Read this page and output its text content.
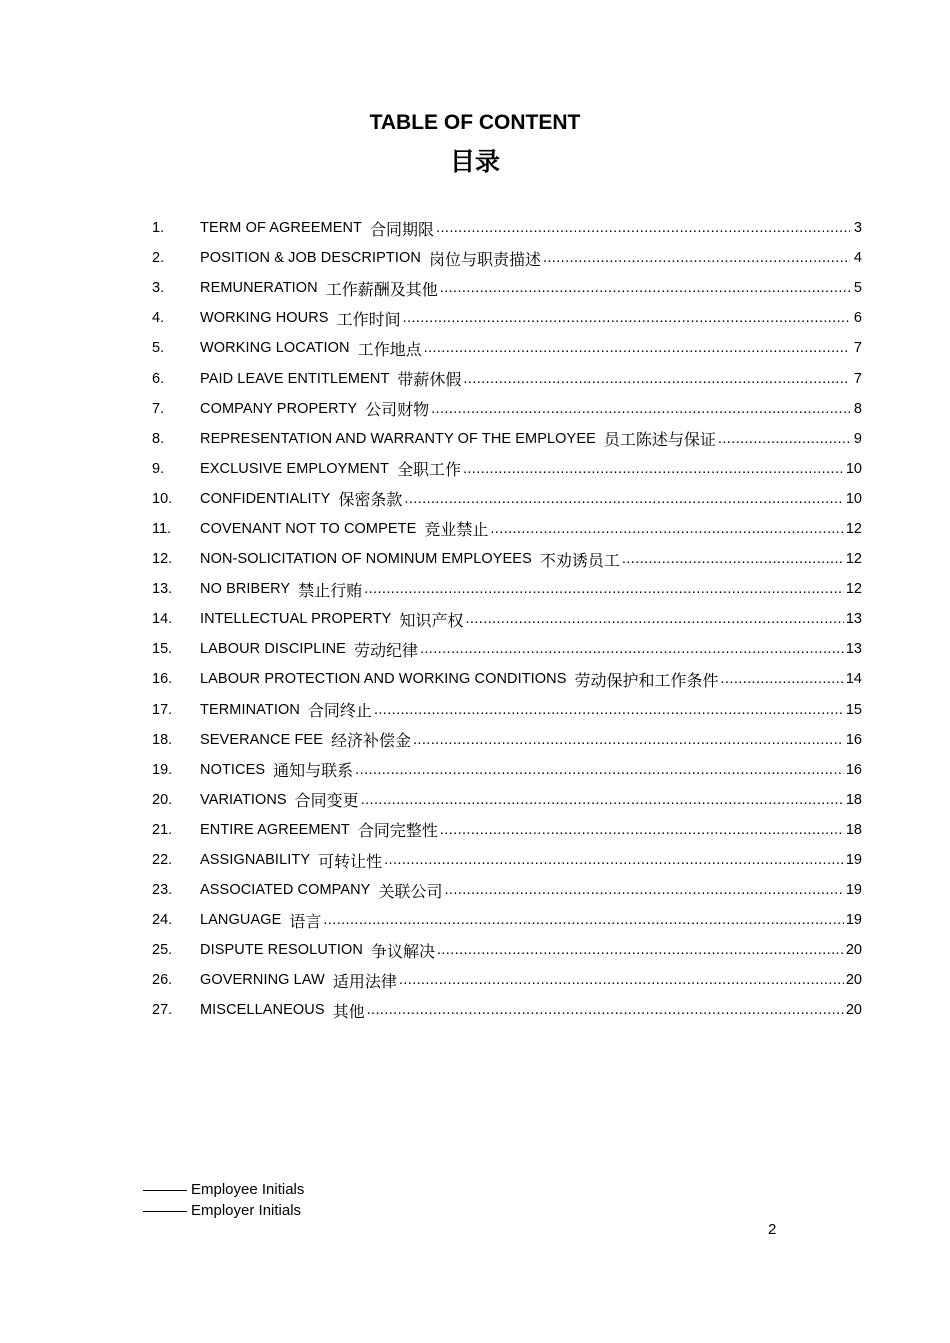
TABLE OF CONTENT
目录
1.	TERM OF AGREEMENT 合同期限 .....	3
2.	POSITION & JOB DESCRIPTION 岗位与职责描述 .....	4
3.	REMUNERATION 工作薪酬及其他 .....	5
4.	WORKING HOURS 工作时间 .....	6
5.	WORKING LOCATION 工作地点 .....	7
6.	PAID LEAVE ENTITLEMENT 带薪休假 .....	7
7.	COMPANY PROPERTY 公司财物 .....	8
8.	REPRESENTATION AND WARRANTY OF THE EMPLOYEE 员工陈述与保证 .....	9
9.	EXCLUSIVE EMPLOYMENT 全职工作 .....	10
10.	CONFIDENTIALITY 保密条款 .....	10
11.	COVENANT NOT TO COMPETE 竞业禁止 .....	12
12.	NON-SOLICITATION OF NOMINUM EMPLOYEES 不劝诱员工 .....	12
13.	NO BRIBERY 禁止行贿 .....	12
14.	INTELLECTUAL PROPERTY 知识产权 .....	13
15.	LABOUR DISCIPLINE 劳动纪律 .....	13
16.	LABOUR PROTECTION AND WORKING CONDITIONS 劳动保护和工作条件 .....	14
17.	TERMINATION 合同终止 .....	15
18.	SEVERANCE FEE 经济补偿金 .....	16
19.	NOTICES 通知与联系 .....	16
20.	VARIATIONS 合同变更 .....	18
21.	ENTIRE AGREEMENT 合同完整性 .....	18
22.	ASSIGNABILITY 可转让性 .....	19
23.	ASSOCIATED COMPANY 关联公司 .....	19
24.	LANGUAGE 语言 .....	19
25.	DISPUTE RESOLUTION 争议解决 .....	20
26.	GOVERNING LAW 适用法律 .....	20
27.	MISCELLANEOUS 其他 .....	20
Employee Initials
Employer Initials
2
